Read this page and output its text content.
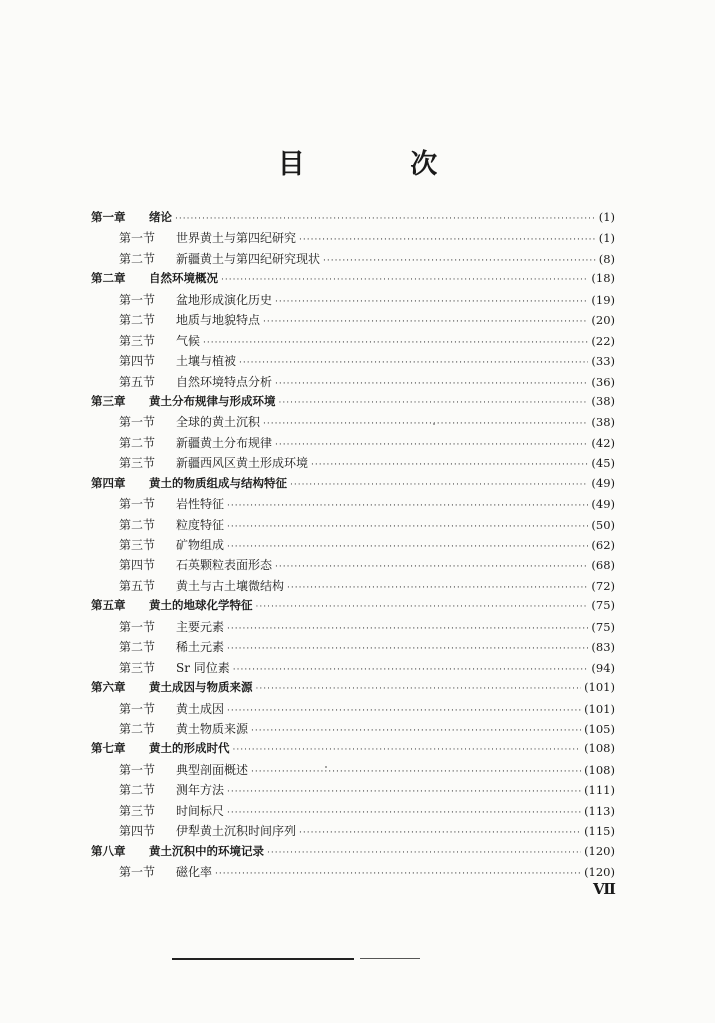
目 次
第一章	绪论 ·····	(1)
第一节	世界黄土与第四纪研究 ·····	(1)
第二节	新疆黄土与第四纪研究现状 ·····	(8)
第二章	自然环境概况 ·····	(18)
第一节	盆地形成演化历史 ·····	(19)
第二节	地质与地貌特点 ·····	(20)
第三节	气候 ·····	(22)
第四节	土壤与植被 ·····	(33)
第五节	自然环境特点分析 ·····	(36)
第三章	黄土分布规律与形成环境 ·····	(38)
第一节	全球的黄土沉积 ·····	(38)
第二节	新疆黄土分布规律 ·····	(42)
第三节	新疆西风区黄土形成环境 ·····	(45)
第四章	黄土的物质组成与结构特征 ·····	(49)
第一节	岩性特征 ·····	(49)
第二节	粒度特征 ·····	(50)
第三节	矿物组成 ·····	(62)
第四节	石英颗粒表面形态 ·····	(68)
第五节	黄土与古土壤微结构 ·····	(72)
第五章	黄土的地球化学特征 ·····	(75)
第一节	主要元素 ·····	(75)
第二节	稀土元素 ·····	(83)
第三节	Sr 同位素 ·····	(94)
第六章	黄土成因与物质来源 ·····	(101)
第一节	黄土成因 ·····	(101)
第二节	黄土物质来源 ·····	(105)
第七章	黄土的形成时代 ·····	(108)
第一节	典型剖面概述 ·····	(108)
第二节	测年方法 ·····	(111)
第三节	时间标尺 ·····	(113)
第四节	伊犁黄土沉积时间序列 ·····	(115)
第八章	黄土沉积中的环境记录 ·····	(120)
第一节	磁化率 ·····	(120)
Ⅶ
